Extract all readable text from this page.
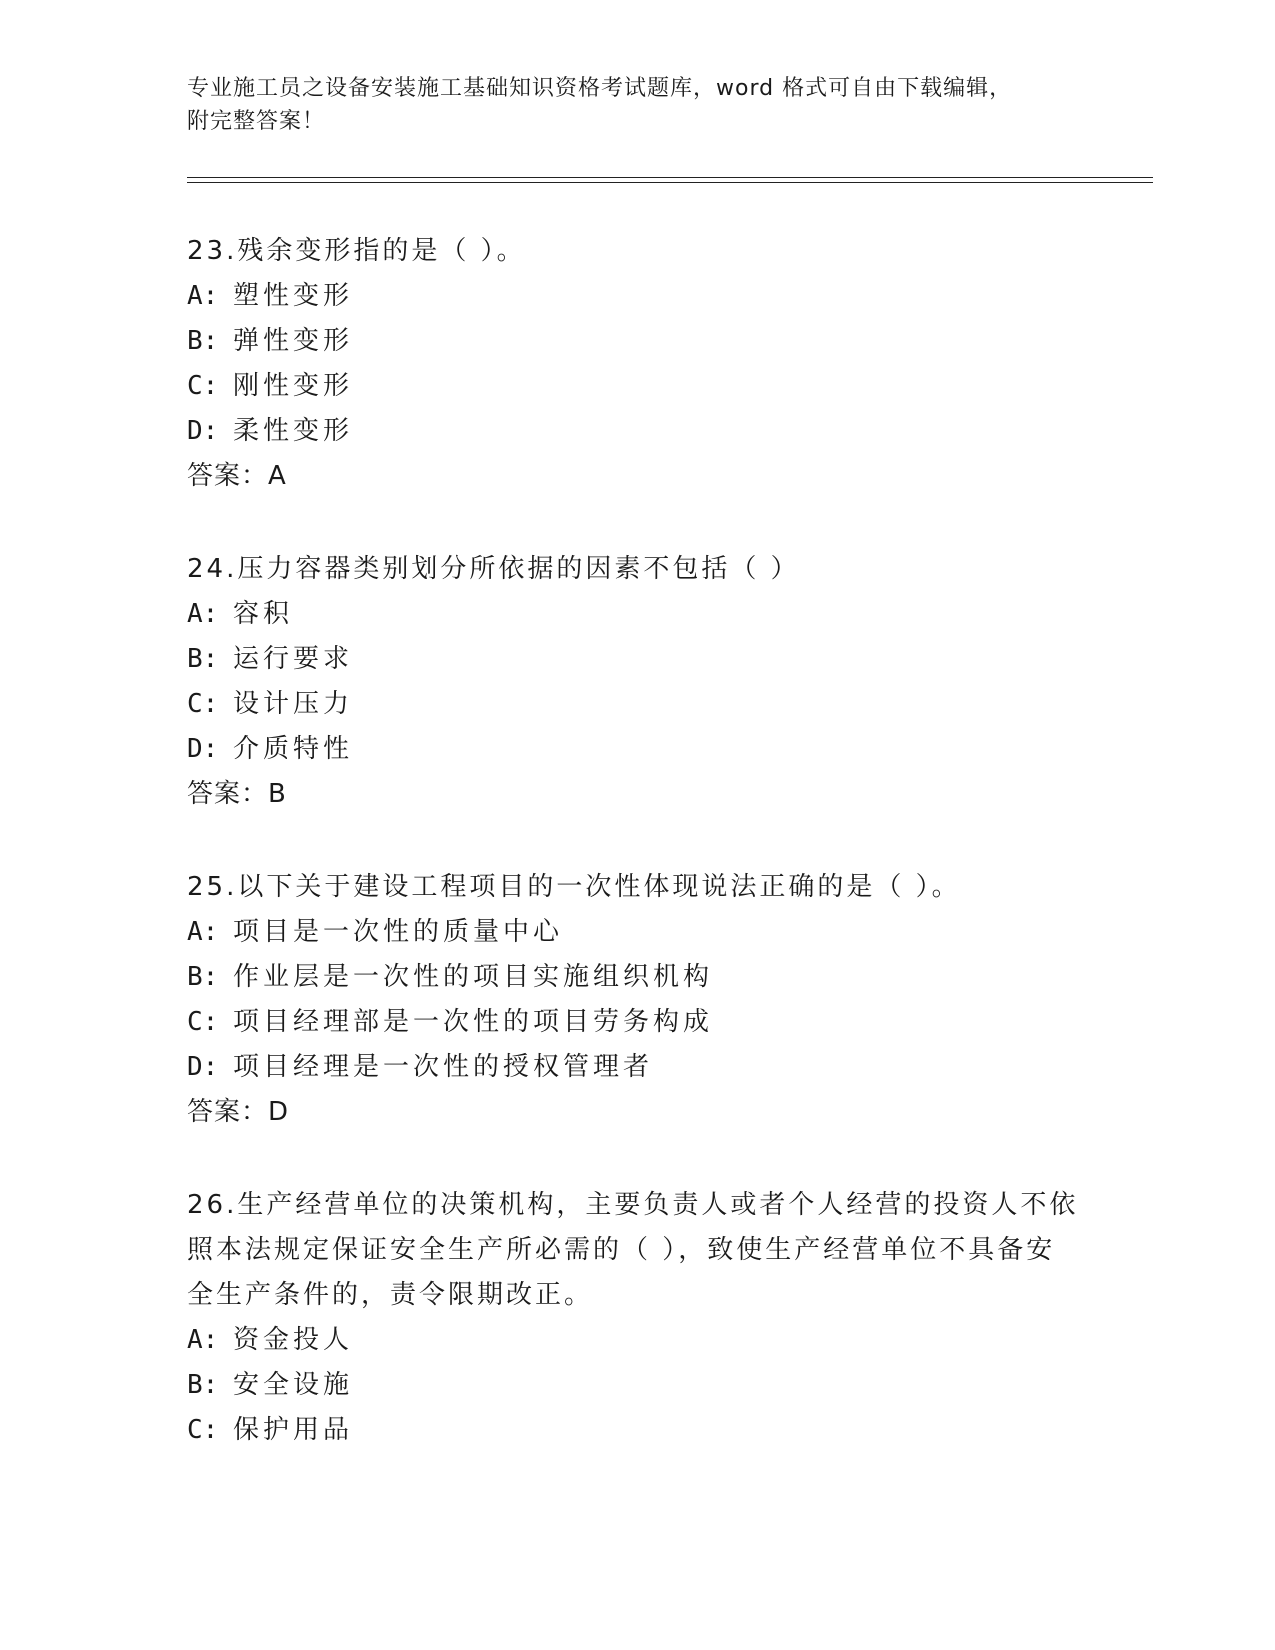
专业施工员之设备安装施工基础知识资格考试题库，word 格式可自由下载编辑，
附完整答案！
23.残余变形指的是（ ）。
A: 塑性变形
B: 弹性变形
C: 刚性变形
D: 柔性变形
答案：A
24.压力容器类别划分所依据的因素不包括（ ）
A: 容积
B: 运行要求
C: 设计压力
D: 介质特性
答案：B
25.以下关于建设工程项目的一次性体现说法正确的是（ ）。
A: 项目是一次性的质量中心
B: 作业层是一次性的项目实施组织机构
C: 项目经理部是一次性的项目劳务构成
D: 项目经理是一次性的授权管理者
答案：D
26.生产经营单位的决策机构，主要负责人或者个人经营的投资人不依
照本法规定保证安全生产所必需的（ ），致使生产经营单位不具备安
全生产条件的，责令限期改正。
A: 资金投人
B: 安全设施
C: 保护用品
